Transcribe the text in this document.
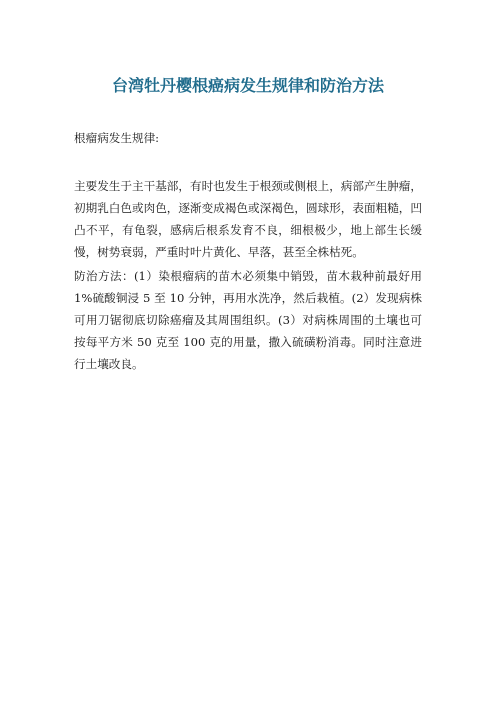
台湾牡丹樱根癌病发生规律和防治方法

根瘤病发生规律:

主要发生于主干基部，有时也发生于根颈或侧根上，病部产生肿瘤，初期乳白色或肉色，逐渐变成褐色或深褐色，圆球形，表面粗糙，凹凸不平，有龟裂，感病后根系发育不良，细根极少，地上部生长缓慢，树势衰弱，严重时叶片黄化、早落，甚至全株枯死。

防治方法：(1）染根瘤病的苗木必须集中销毁，苗木栽种前最好用 1%硫酸铜浸 5 至 10 分钟，再用水洗净，然后栽植。(2）发现病株可用刀锯彻底切除癌瘤及其周围组织。(3）对病株周围的土壤也可按每平方米 50 克至 100 克的用量，撒入硫磺粉消毒。同时注意进行土壤改良。
